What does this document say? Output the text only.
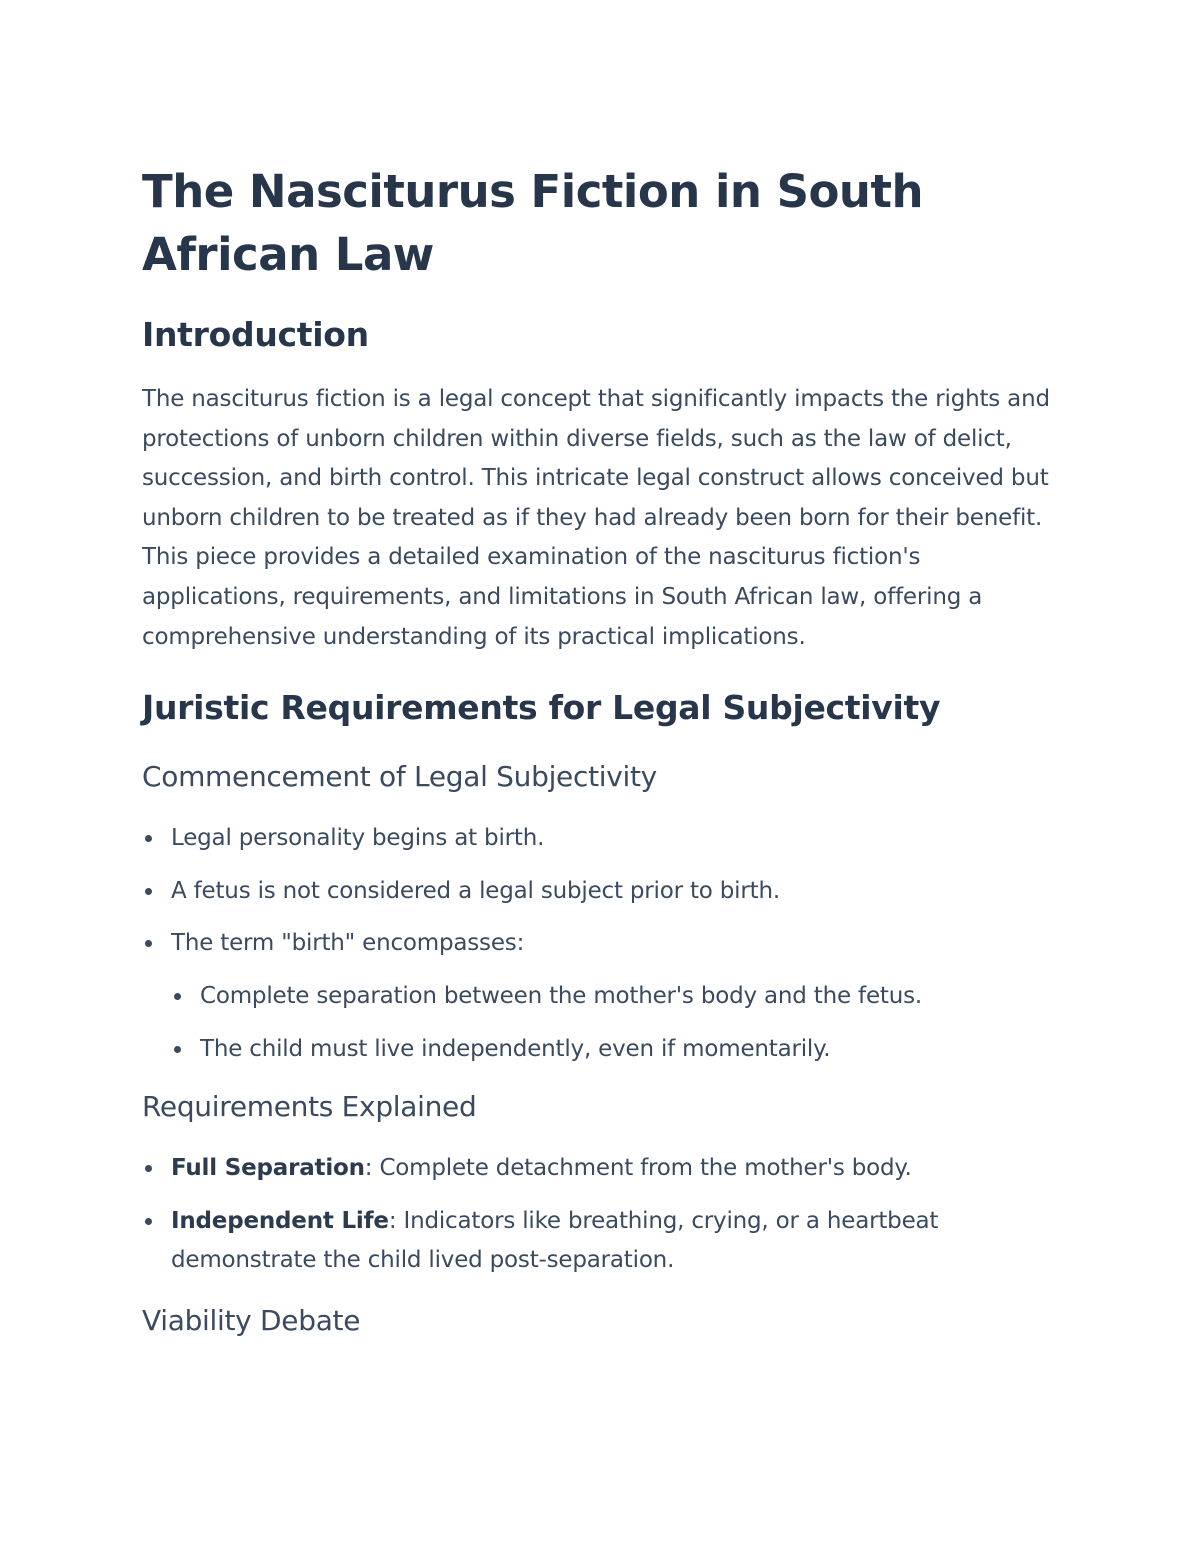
The Nasciturus Fiction in South African Law
Introduction

The nasciturus fiction is a legal concept that significantly impacts the rights and protections of unborn children within diverse fields, such as the law of delict, succession, and birth control. This intricate legal construct allows conceived but unborn children to be treated as if they had already been born for their benefit. This piece provides a detailed examination of the nasciturus fiction's applications, requirements, and limitations in South African law, offering a comprehensive understanding of its practical implications.

Juristic Requirements for Legal Subjectivity
Commencement of Legal Subjectivity
Legal personality begins at birth.
A fetus is not considered a legal subject prior to birth.
The term "birth" encompasses:
Complete separation between the mother's body and the fetus.
The child must live independently, even if momentarily.
Requirements Explained
Full Separation: Complete detachment from the mother's body.
Independent Life: Indicators like breathing, crying, or a heartbeat demonstrate the child lived post-separation.
Viability Debate
